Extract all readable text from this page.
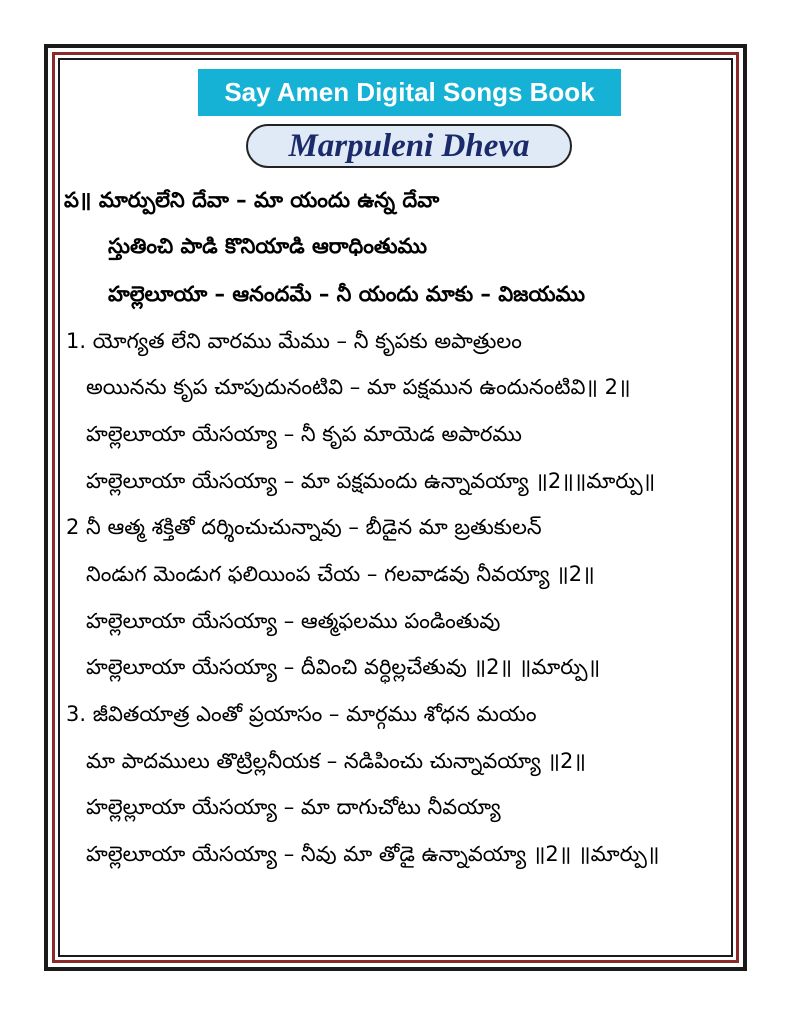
Say Amen Digital Songs Book
Marpuleni Dheva
ప॥ మార్పులేని దేవా – మా యందు ఉన్న దేవా
స్తుతించి పాడి కొనియాడి ఆరాధింతుము
హల్లెలూయా – ఆనందమే – నీ యందు మాకు – విజయము
1. యోగ్యత లేని వారము మేము – నీ కృపకు అపాత్రులం
అయినను కృప చూపుదునంటివి – మా పక్షమున ఉందునంటివి॥ 2॥
హల్లెలూయా యేసయ్యా – నీ కృప మాయెడ అపారము
హల్లెలూయా యేసయ్యా – మా పక్షమందు ఉన్నావయ్యా ॥2॥॥మార్పు॥
2 నీ ఆత్మ శక్తితో దర్శించుచున్నావు – బీడైన మా బ్రతుకులన్
నిండుగ మెండుగ ఫలియింప చేయ – గలవాడవు నీవయ్యా ॥2॥
హల్లెలూయా యేసయ్యా – ఆత్మఫలము పండింతువు
హల్లెలూయా యేసయ్యా – దీవించి వర్ధిల్లచేతువు ॥2॥ ॥మార్పు॥
3. జీవితయాత్ర ఎంతో ప్రయాసం – మార్గము శోధన మయం
మా పాదములు తొట్రిల్లనీయక – నడిపించు చున్నావయ్యా ॥2॥
హల్లెల్లూయా యేసయ్యా – మా దాగుచోటు నీవయ్యా
హల్లెలూయా యేసయ్యా – నీవు మా తోడై ఉన్నావయ్యా ॥2॥ ॥మార్పు॥
